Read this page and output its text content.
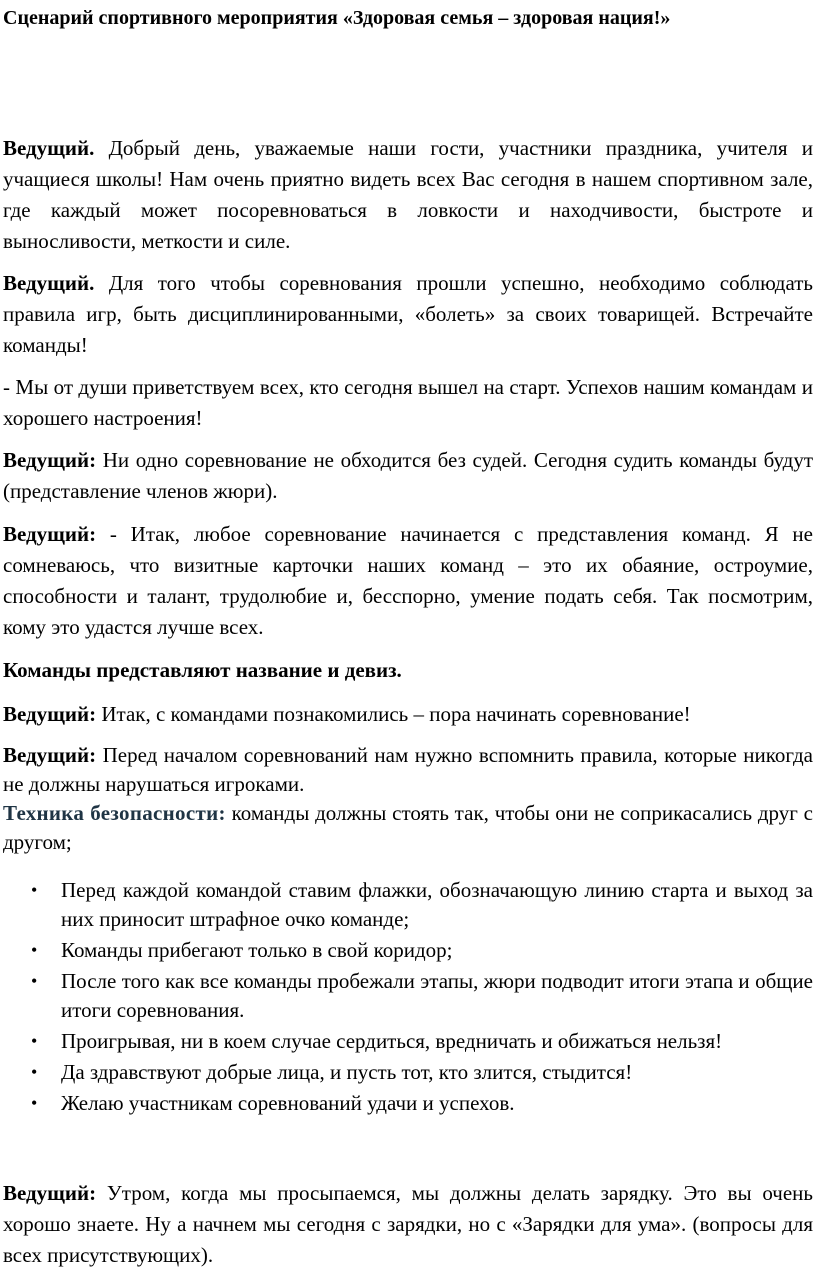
Сценарий спортивного мероприятия «Здоровая семья – здоровая нация!»
Ведущий. Добрый день, уважаемые наши гости, участники праздника, учителя и учащиеся школы! Нам очень приятно видеть всех Вас сегодня в нашем спортивном зале, где каждый может посоревноваться в ловкости и находчивости, быстроте и выносливости, меткости и силе.
Ведущий. Для того чтобы соревнования прошли успешно, необходимо соблюдать правила игр, быть дисциплинированными, «болеть» за своих товарищей. Встречайте команды!
- Мы от души приветствуем всех, кто сегодня вышел на старт. Успехов нашим командам и хорошего настроения!
Ведущий: Ни одно соревнование не обходится без судей. Сегодня судить команды будут (представление членов жюри).
Ведущий: - Итак, любое соревнование начинается с представления команд. Я не сомневаюсь, что визитные карточки наших команд – это их обаяние, остроумие, способности и талант, трудолюбие и, бесспорно, умение подать себя. Так посмотрим, кому это удастся лучше всех.
Команды представляют название и девиз.
Ведущий: Итак, с командами познакомились – пора начинать соревнование!
Ведущий: Перед началом соревнований нам нужно вспомнить правила, которые никогда не должны нарушаться игроками.
Техника безопасности: команды должны стоять так, чтобы они не соприкасались друг с другом;
• Перед каждой командой ставим флажки, обозначающую линию старта и выход за них приносит штрафное очко команде;
• Команды прибегают только в свой коридор;
• После того как все команды пробежали этапы, жюри подводит итоги этапа и общие итоги соревнования.
• Проигрывая, ни в коем случае сердиться, вредничать и обижаться нельзя!
• Да здравствуют добрые лица, и пусть тот, кто злится, стыдится!
• Желаю участникам соревнований удачи и успехов.
Ведущий: Утром, когда мы просыпаемся, мы должны делать зарядку. Это вы очень хорошо знаете. Ну а начнем мы сегодня с зарядки, но с «Зарядки для ума». (вопросы для всех присутствующих).
